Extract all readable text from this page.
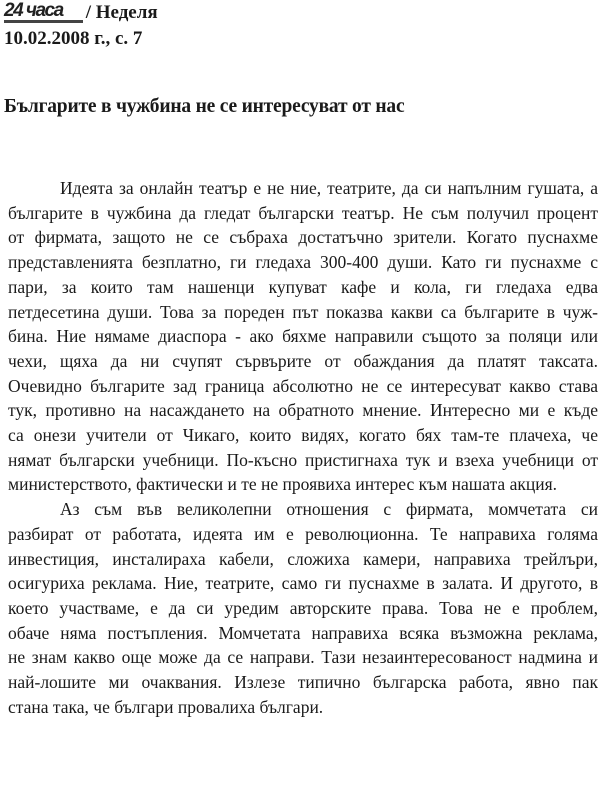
24 часа	/ Неделя
10.02.2008 г., с. 7
Българите в чужбина не се интересуват от нас
Идеята за онлайн театър е не ние, театрите, да си напълним гушата, а
българите в чужбина да гледат български театър. Не съм получил процент
от фирмата, защото не се събраха достатъчно зрители. Когато пуснахме
представленията безплатно, ги гледаха 300-400 души. Като ги пуснахме с
пари, за които там нашенци купуват кафе и кола, ги гледаха едва
петдесетина души. Това за пореден път показва какви са българите в чуж-
бина. Ние нямаме диаспора - ако бяхме направили същото за поляци или
чехи, щяха да ни счупят сървърите от обаждания да платят таксата.
Очевидно българите зад граница абсолютно не се интересуват какво става
тук, противно на насаждането на обратното мнение. Интересно ми е къде
са онези учители от Чикаго, които видях, когато бях там-те плачеха, че
нямат български учебници. По-късно пристигнаха тук и взеха учебници от
министерството, фактически и те не проявиха интерес към нашата акция.
Аз съм във великолепни отношения с фирмата, момчетата си
разбират от работата, идеята им е революционна. Те направиха голяма
инвестиция, инсталираха кабели, сложиха камери, направиха трейлъри,
осигуриха реклама. Ние, театрите, само ги пуснахме в залата. И другото, в
което участваме, е да си уредим авторските права. Това не е проблем,
обаче няма постъпления. Момчетата направиха всяка възможна реклама,
не знам какво още може да се направи. Тази незаинтересованост надмина и
най-лошите ми очаквания. Излезе типично българска работа, явно пак
стана така, че българи провалиха българи.
